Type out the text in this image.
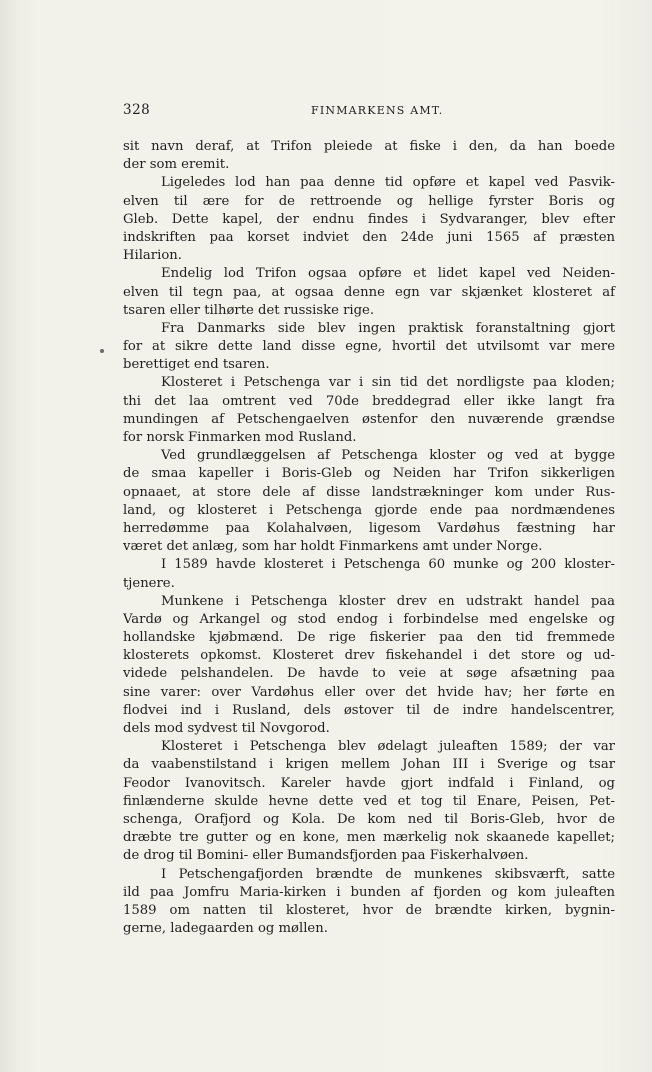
328	FINMARKENS AMT.
sit navn deraf, at Trifon pleiede at fiske i den, da han boede
der som eremit.
Ligeledes lod han paa denne tid opføre et kapel ved Pasvik-
elven til ære for de rettroende og hellige fyrster Boris og
Gleb. Dette kapel, der endnu findes i Sydvaranger, blev efter
indskriften paa korset indviet den 24de juni 1565 af præsten
Hilarion.
Endelig lod Trifon ogsaa opføre et lidet kapel ved Neiden-
elven til tegn paa, at ogsaa denne egn var skjænket klosteret af
tsaren eller tilhørte det russiske rige.
Fra Danmarks side blev ingen praktisk foranstaltning gjort
for at sikre dette land disse egne, hvortil det utvilsomt var mere
berettiget end tsaren.
Klosteret i Petschenga var i sin tid det nordligste paa kloden;
thi det laa omtrent ved 70de breddegrad eller ikke langt fra
mundingen af Petschengaelven østenfor den nuværende grændse
for norsk Finmarken mod Rusland.
Ved grundlæggelsen af Petschenga kloster og ved at bygge
de smaa kapeller i Boris-Gleb og Neiden har Trifon sikkerligen
opnaaet, at store dele af disse landstrækninger kom under Rus-
land, og klosteret i Petschenga gjorde ende paa nordmændenes
herredømme paa Kolahalvøen, ligesom Vardøhus fæstning har
været det anlæg, som har holdt Finmarkens amt under Norge.
I 1589 havde klosteret i Petschenga 60 munke og 200 kloster-
tjenere.
Munkene i Petschenga kloster drev en udstrakt handel paa
Vardø og Arkangel og stod endog i forbindelse med engelske og
hollandske kjøbmænd. De rige fiskerier paa den tid fremmede
klosterets opkomst. Klosteret drev fiskehandel i det store og ud-
videde pelshandelen. De havde to veie at søge afsætning paa
sine varer: over Vardøhus eller over det hvide hav; her førte en
flodvei ind i Rusland, dels østover til de indre handelscentrer,
dels mod sydvest til Novgorod.
Klosteret i Petschenga blev ødelagt juleaften 1589; der var
da vaabenstilstand i krigen mellem Johan III i Sverige og tsar
Feodor Ivanovitsch. Kareler havde gjort indfald i Finland, og
finlænderne skulde hevne dette ved et tog til Enare, Peisen, Pet-
schenga, Orafjord og Kola. De kom ned til Boris-Gleb, hvor de
dræbte tre gutter og en kone, men mærkelig nok skaanede kapellet;
de drog til Bomini- eller Bumandsfjorden paa Fiskerhalvøen.
I Petschengafjorden brændte de munkenes skibsværft, satte
ild paa Jomfru Maria-kirken i bunden af fjorden og kom juleaften
1589 om natten til klosteret, hvor de brændte kirken, bygnin-
gerne, ladegaarden og møllen.
